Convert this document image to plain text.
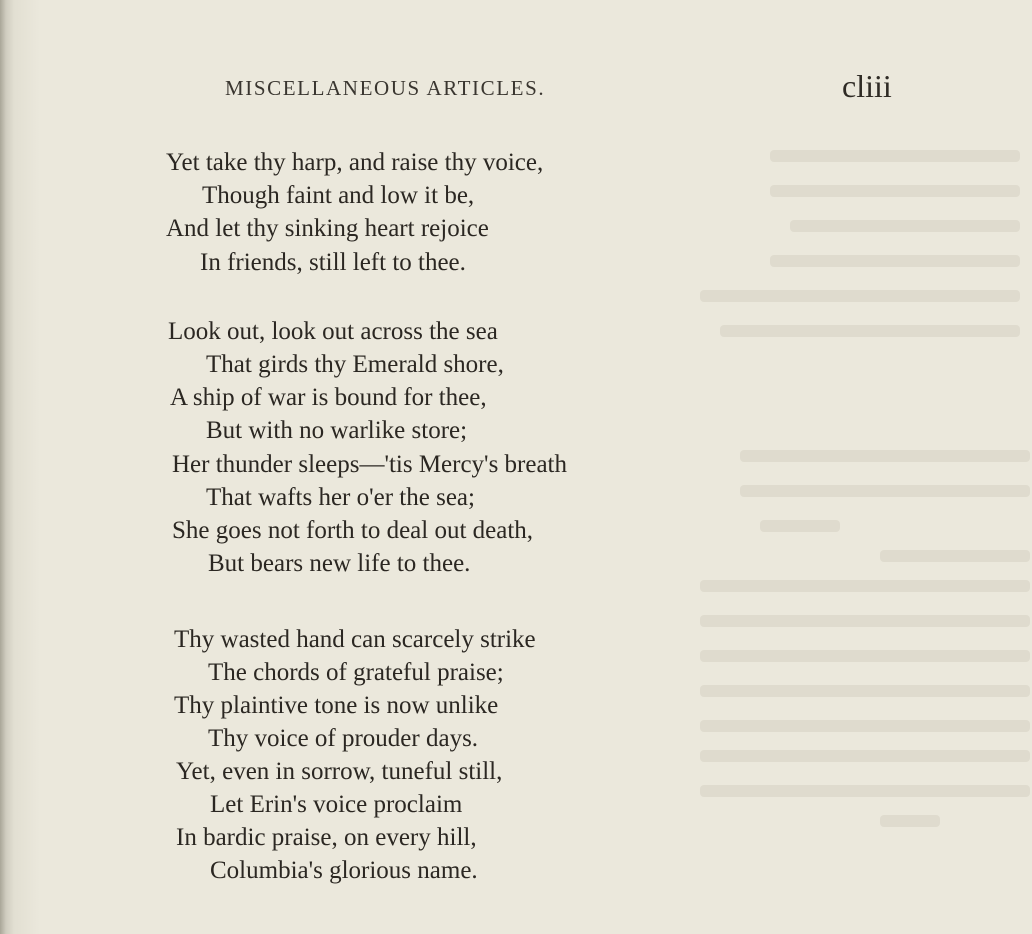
MISCELLANEOUS ARTICLES.	cliii
Yet take thy harp, and raise thy voice,
Though faint and low it be,
And let thy sinking heart rejoice
In friends, still left to thee.
Look out, look out across the sea
That girds thy Emerald shore,
A ship of war is bound for thee,
But with no warlike store;
Her thunder sleeps—'tis Mercy's breath
That wafts her o'er the sea;
She goes not forth to deal out death,
But bears new life to thee.
Thy wasted hand can scarcely strike
The chords of grateful praise;
Thy plaintive tone is now unlike
Thy voice of prouder days.
Yet, even in sorrow, tuneful still,
Let Erin's voice proclaim
In bardic praise, on every hill,
Columbia's glorious name.
